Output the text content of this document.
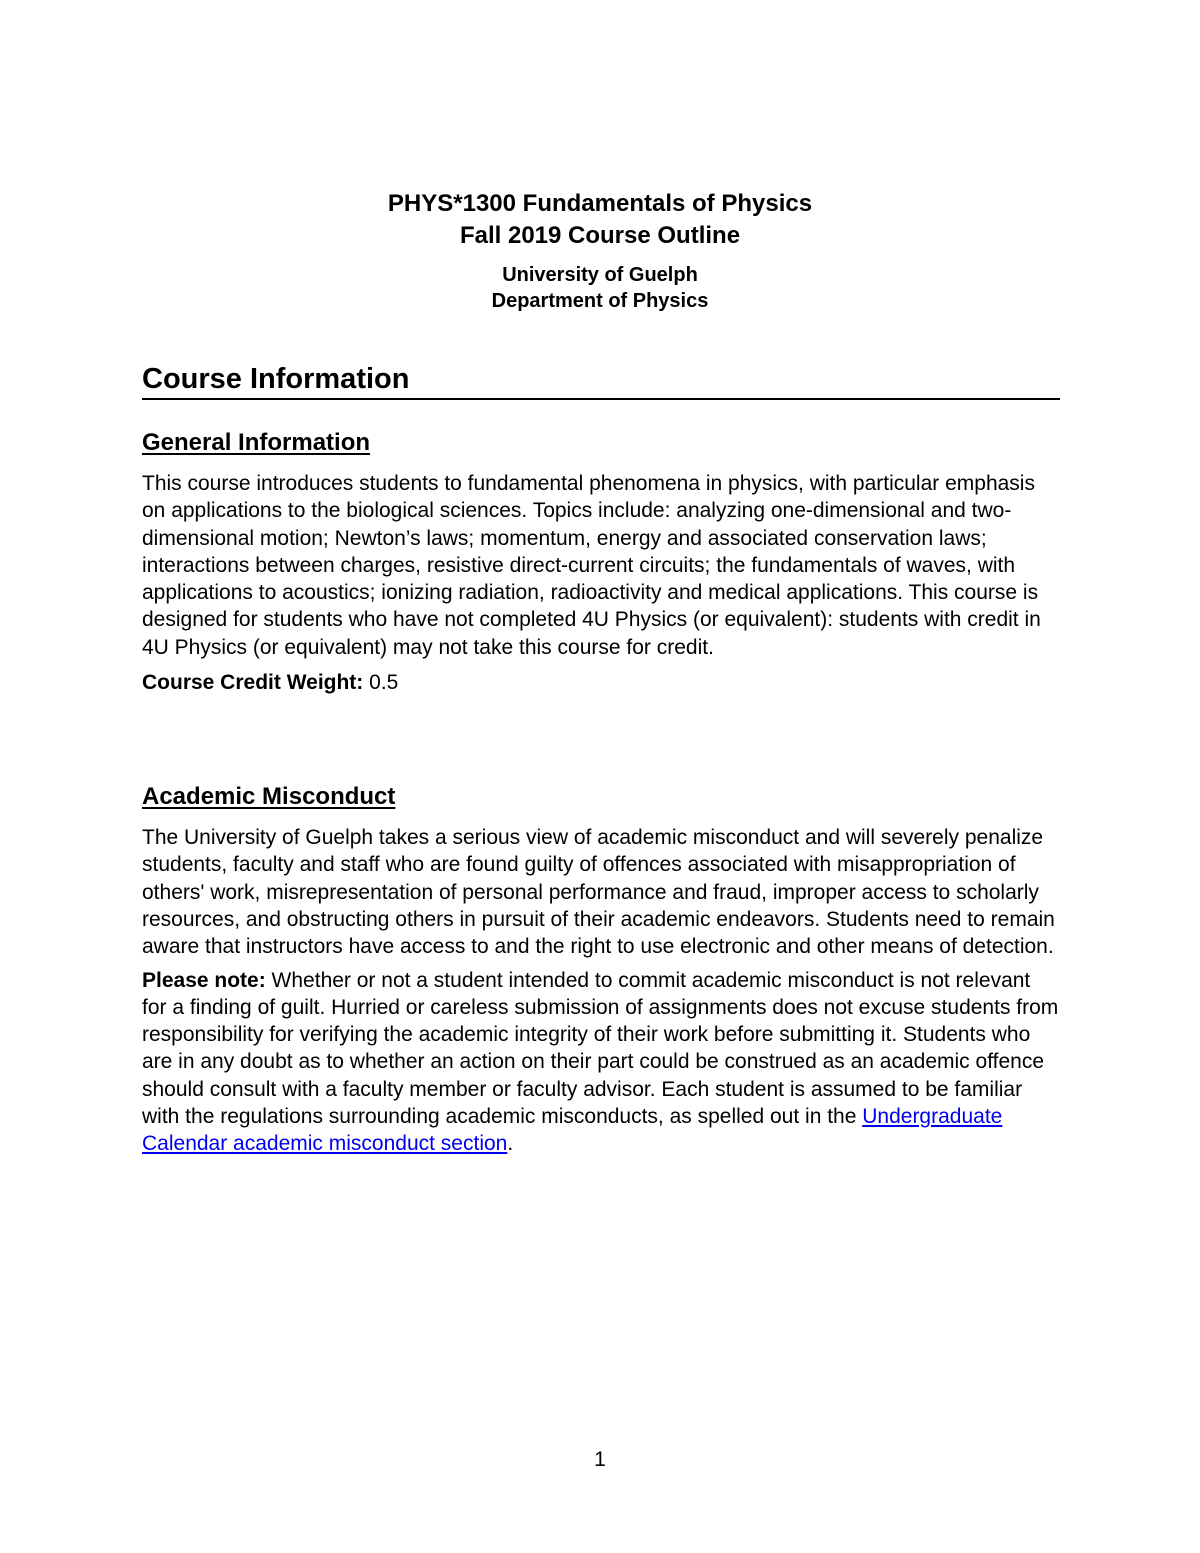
PHYS*1300 Fundamentals of Physics

Fall 2019 Course Outline

University of Guelph

Department of Physics

Course Information
General Information

This course introduces students to fundamental phenomena in physics, with particular emphasis on applications to the biological sciences. Topics include: analyzing one-dimensional and two-dimensional motion; Newton’s laws; momentum, energy and associated conservation laws; interactions between charges, resistive direct-current circuits; the fundamentals of waves, with applications to acoustics; ionizing radiation, radioactivity and medical applications. This course is designed for students who have not completed 4U Physics (or equivalent): students with credit in 4U Physics (or equivalent) may not take this course for credit.

Course Credit Weight: 0.5

Academic Misconduct

The University of Guelph takes a serious view of academic misconduct and will severely penalize students, faculty and staff who are found guilty of offences associated with misappropriation of others' work, misrepresentation of personal performance and fraud, improper access to scholarly resources, and obstructing others in pursuit of their academic endeavors. Students need to remain aware that instructors have access to and the right to use electronic and other means of detection.

Please note: Whether or not a student intended to commit academic misconduct is not relevant for a finding of guilt. Hurried or careless submission of assignments does not excuse students from responsibility for verifying the academic integrity of their work before submitting it. Students who are in any doubt as to whether an action on their part could be construed as an academic offence should consult with a faculty member or faculty advisor. Each student is assumed to be familiar with the regulations surrounding academic misconducts, as spelled out in the Undergraduate Calendar academic misconduct section.

1
